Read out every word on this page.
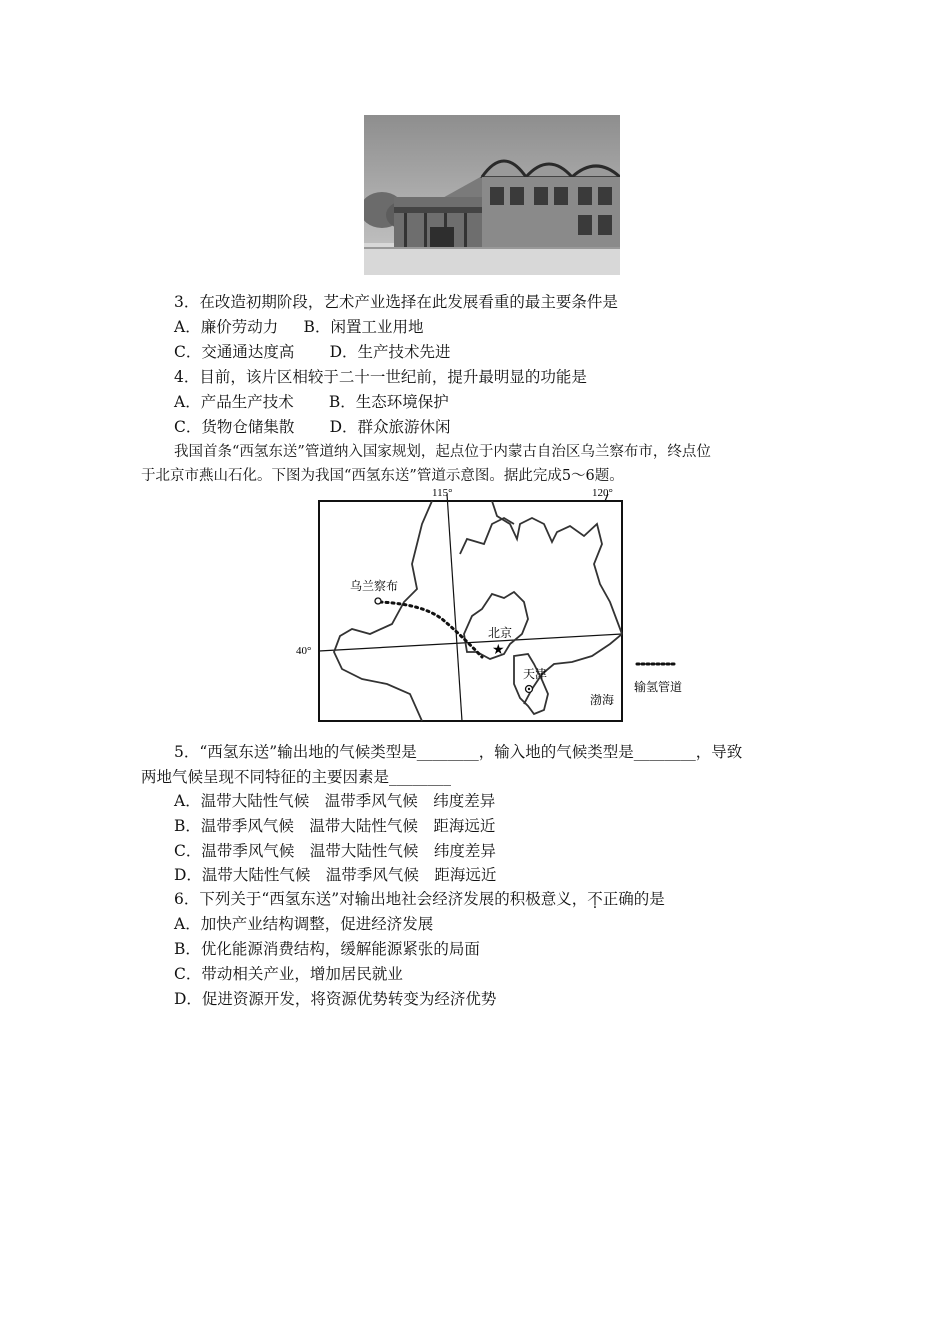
3．在改造初期阶段，艺术产业选择在此发展看重的最主要条件是
A．廉价劳动力　  B．闲置工业用地
C．交通通达度高　    D．生产技术先进
4．目前，该片区相较于二十一世纪前，提升最明显的功能是
A．产品生产技术　    B．生态环境保护
C．货物仓储集散　    D．群众旅游休闲
我国首条“西氢东送”管道纳入国家规划，起点位于内蒙古自治区乌兰察布市，终点位
于北京市燕山石化。下图为我国“西氢东送”管道示意图。据此完成5～6题。
115°	120°
40°
乌兰察布
★
北京
天津
渤海
输氢管道
5．“西氢东送”输出地的气候类型是________，输入地的气候类型是________，导致
两地气候呈现不同特征的主要因素是________
A．温带大陆性气候　温带季风气候　纬度差异
B．温带季风气候　温带大陆性气候　距海远近
C．温带季风气候　温带大陆性气候　纬度差异
D．温带大陆性气候　温带季风气候　距海远近
6．下列关于“西氢东送”对输出地社会经济发展的积极意义，不正确的是
A．加快产业结构调整，促进经济发展
B．优化能源消费结构，缓解能源紧张的局面
C．带动相关产业，增加居民就业
D．促进资源开发，将资源优势转变为经济优势
